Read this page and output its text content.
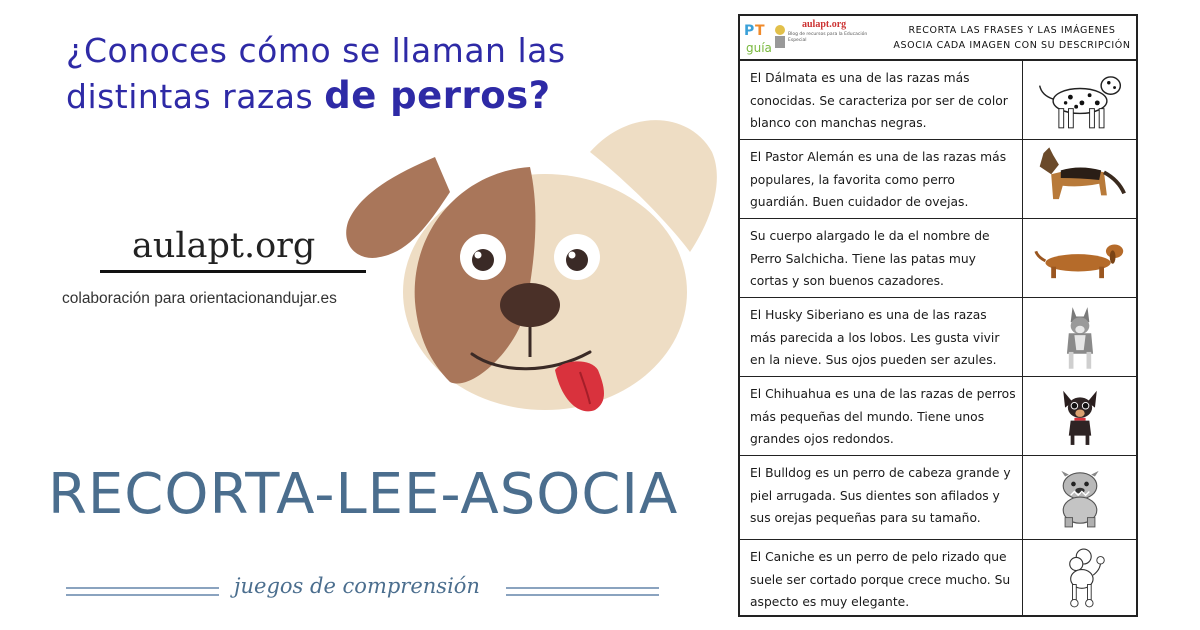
¿Conoces cómo se llaman las
distintas razas de perros?
aulapt.org
colaboración para orientacionandujar.es
RECORTA-LEE-ASOCIA
juegos de comprensión
P T
guía
aulapt.org
Blog de recursos para la Educación Especial
RECORTA LAS FRASES Y LAS IMÁGENES
ASOCIA CADA IMAGEN CON SU DESCRIPCIÓN
El Dálmata es una de las razas más conocidas. Se caracteriza por ser de color blanco con manchas negras.
El Pastor Alemán es una de las razas más populares, la favorita como perro guardián. Buen cuidador de ovejas.
Su cuerpo alargado le da el nombre de Perro Salchicha. Tiene las patas muy cortas y son buenos cazadores.
El Husky Siberiano es una de las razas más parecida a los lobos. Les gusta vivir en la nieve. Sus ojos pueden ser azules.
El Chihuahua es una de las razas de perros más pequeñas del mundo. Tiene unos grandes ojos redondos.
El Bulldog es un perro de cabeza grande y piel arrugada. Sus dientes son afilados y sus orejas pequeñas para su tamaño.
El Caniche es un perro de pelo rizado que suele ser cortado porque crece mucho. Su aspecto es muy elegante.
